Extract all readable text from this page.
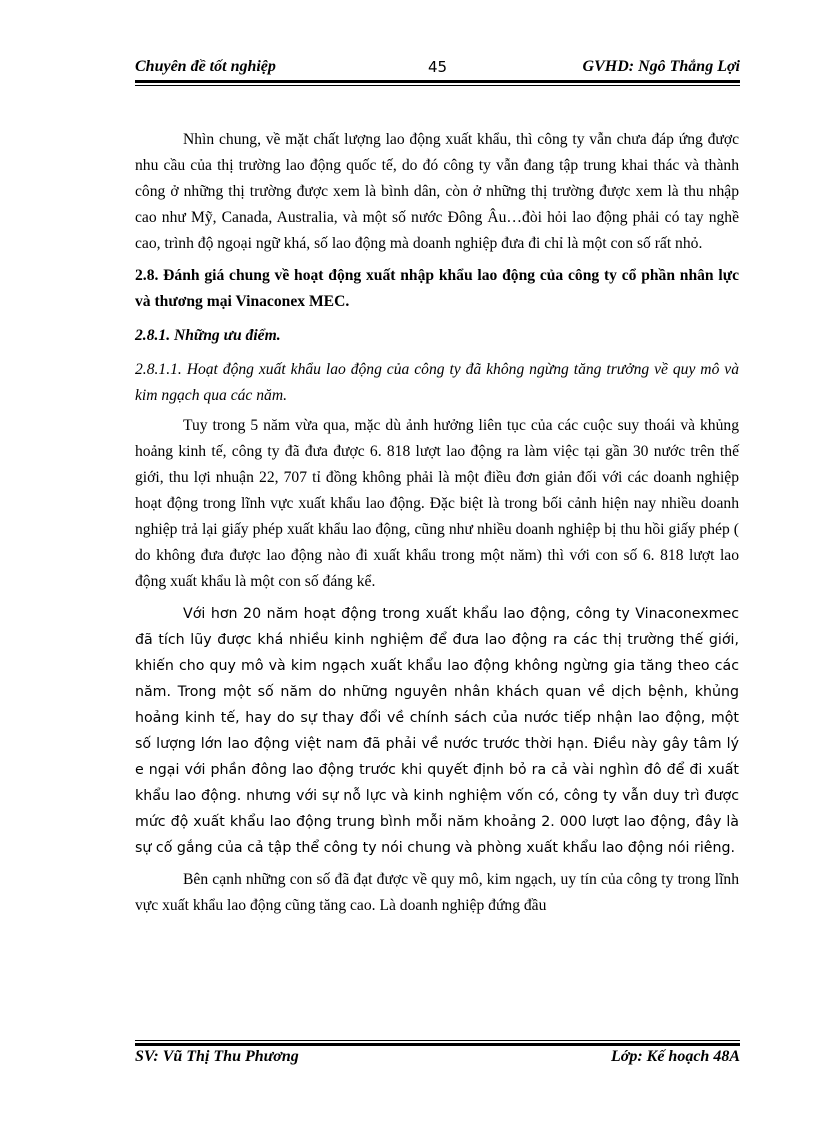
Chuyên đề tốt nghiệp	45	GVHD: Ngô Thắng Lợi

Nhìn chung, về mặt chất lượng lao động xuất khẩu, thì công ty vẫn chưa đáp ứng được nhu cầu của thị trường lao động quốc tế, do đó công ty vẫn đang tập trung khai thác và thành công ở những thị trường được xem là bình dân, còn ở những thị trường được xem là thu nhập cao như Mỹ, Canada, Australia, và một số nước Đông Âu…đòi hỏi lao động phải có tay nghề cao, trình độ ngoại ngữ khá, số lao động mà doanh nghiệp đưa đi chỉ là một con số rất nhỏ.

2.8. Đánh giá chung về hoạt động xuất nhập khẩu lao động của công ty cổ phần nhân lực và thương mại Vinaconex MEC.

2.8.1. Những ưu điểm.

2.8.1.1. Hoạt động xuất khẩu lao động của công ty đã không ngừng tăng trưởng về quy mô và kim ngạch qua các năm.

Tuy trong 5 năm vừa qua, mặc dù ảnh hưởng liên tục của các cuộc suy thoái và khủng hoảng kinh tế, công ty đã đưa được 6. 818 lượt lao động ra làm việc tại gần 30 nước trên thế giới, thu lợi nhuận 22, 707 tỉ đồng không phải là một điều đơn giản đối với các doanh nghiệp hoạt động trong lĩnh vực xuất khẩu lao động. Đặc biệt là trong bối cảnh hiện nay nhiều doanh nghiệp trả lại giấy phép xuất khẩu lao động, cũng như nhiều doanh nghiệp bị thu hồi giấy phép ( do không đưa được lao động nào đi xuất khẩu trong một năm) thì với con số 6. 818 lượt lao động xuất khẩu là một con số đáng kể.

Với hơn 20 năm hoạt động trong xuất khẩu lao động, công ty Vinaconexmec đã tích lũy được khá nhiều kinh nghiệm để đưa lao động ra các thị trường thế giới, khiến cho quy mô và kim ngạch xuất khẩu lao động không ngừng gia tăng theo các năm. Trong một số năm do những nguyên nhân khách quan về dịch bệnh, khủng hoảng kinh tế, hay do sự thay đổi về chính sách của nước tiếp nhận lao động, một số lượng lớn lao động việt nam đã phải về nước trước thời hạn. Điều này gây tâm lý e ngại với phần đông lao động trước khi quyết định bỏ ra cả vài nghìn đô để đi xuất khẩu lao động. nhưng với sự nỗ lực và kinh nghiệm vốn có, công ty vẫn duy trì được mức độ xuất khẩu lao động trung bình mỗi năm khoảng 2. 000 lượt lao động, đây là sự cố gắng của cả tập thể công ty nói chung và phòng xuất khẩu lao động nói riêng.

Bên cạnh những con số đã đạt được về quy mô, kim ngạch, uy tín của công ty trong lĩnh vực xuất khẩu lao động cũng tăng cao. Là doanh nghiệp đứng đầu

SV: Vũ Thị Thu Phương	Lớp: Kế hoạch 48A
